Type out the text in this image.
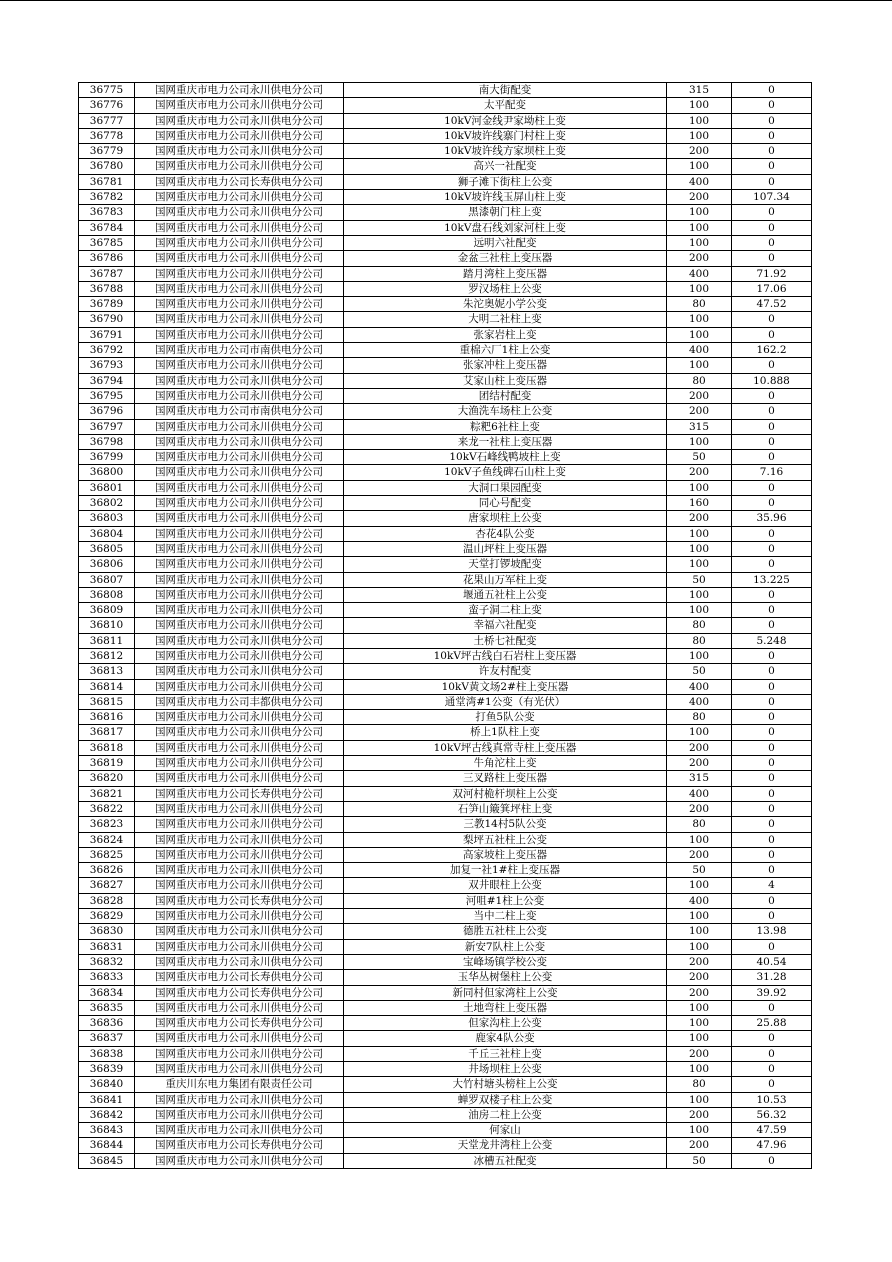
36775	国网重庆市电力公司永川供电分公司	南大街配变	315	0
36776	国网重庆市电力公司永川供电分公司	太平配变	100	0
36777	国网重庆市电力公司永川供电分公司	10kV河金线尹家坳柱上变	100	0
36778	国网重庆市电力公司永川供电分公司	10kV坡许线寨门村柱上变	100	0
36779	国网重庆市电力公司永川供电分公司	10kV坡许线方家坝柱上变	200	0
36780	国网重庆市电力公司永川供电分公司	高兴一社配变	100	0
36781	国网重庆市电力公司长寿供电分公司	狮子滩下街柱上公变	400	0
36782	国网重庆市电力公司永川供电分公司	10kV坡许线玉屏山柱上变	200	107.34
36783	国网重庆市电力公司永川供电分公司	黑漆朝门柱上变	100	0
36784	国网重庆市电力公司永川供电分公司	10kV盘石线刘家河柱上变	100	0
36785	国网重庆市电力公司永川供电分公司	远明六社配变	100	0
36786	国网重庆市电力公司永川供电分公司	金盆三社柱上变压器	200	0
36787	国网重庆市电力公司永川供电分公司	踏月湾柱上变压器	400	71.92
36788	国网重庆市电力公司永川供电分公司	罗汉场柱上公变	100	17.06
36789	国网重庆市电力公司永川供电分公司	朱沱奥妮小学公变	80	47.52
36790	国网重庆市电力公司永川供电分公司	大明二社柱上变	100	0
36791	国网重庆市电力公司永川供电分公司	张家岩柱上变	100	0
36792	国网重庆市电力公司市南供电分公司	重棉六厂1柱上公变	400	162.2
36793	国网重庆市电力公司永川供电分公司	张家冲柱上变压器	100	0
36794	国网重庆市电力公司永川供电分公司	艾家山柱上变压器	80	10.888
36795	国网重庆市电力公司永川供电分公司	团结村配变	200	0
36796	国网重庆市电力公司市南供电分公司	大渔洗车场柱上公变	200	0
36797	国网重庆市电力公司永川供电分公司	粽粑6社柱上变	315	0
36798	国网重庆市电力公司永川供电分公司	来龙一社柱上变压器	100	0
36799	国网重庆市电力公司永川供电分公司	10kV石峰线鸭坡柱上变	50	0
36800	国网重庆市电力公司永川供电分公司	10kV子鱼线碑石山柱上变	200	7.16
36801	国网重庆市电力公司永川供电分公司	大洞口果园配变	100	0
36802	国网重庆市电力公司永川供电分公司	同心号配变	160	0
36803	国网重庆市电力公司永川供电分公司	唐家坝柱上公变	200	35.96
36804	国网重庆市电力公司永川供电分公司	杏花4队公变	100	0
36805	国网重庆市电力公司永川供电分公司	温山坪柱上变压器	100	0
36806	国网重庆市电力公司永川供电分公司	天堂打锣坡配变	100	0
36807	国网重庆市电力公司永川供电分公司	花果山万军柱上变	50	13.225
36808	国网重庆市电力公司永川供电分公司	堰通五社柱上公变	100	0
36809	国网重庆市电力公司永川供电分公司	蛮子洞二柱上变	100	0
36810	国网重庆市电力公司永川供电分公司	幸福六社配变	80	0
36811	国网重庆市电力公司永川供电分公司	土桥七社配变	80	5.248
36812	国网重庆市电力公司永川供电分公司	10kV坪古线白石岩柱上变压器	100	0
36813	国网重庆市电力公司永川供电分公司	许友村配变	50	0
36814	国网重庆市电力公司永川供电分公司	10kV黄文场2#柱上变压器	400	0
36815	国网重庆市电力公司丰都供电分公司	通堂湾#1公变（有光伏）	400	0
36816	国网重庆市电力公司永川供电分公司	打鱼5队公变	80	0
36817	国网重庆市电力公司永川供电分公司	桥上1队柱上变	100	0
36818	国网重庆市电力公司永川供电分公司	10kV坪古线真常寺柱上变压器	200	0
36819	国网重庆市电力公司永川供电分公司	牛角沱柱上变	200	0
36820	国网重庆市电力公司永川供电分公司	三叉路柱上变压器	315	0
36821	国网重庆市电力公司长寿供电分公司	双河村桅杆坝柱上公变	400	0
36822	国网重庆市电力公司永川供电分公司	石笋山簸箕坪柱上变	200	0
36823	国网重庆市电力公司永川供电分公司	三教14村5队公变	80	0
36824	国网重庆市电力公司永川供电分公司	梨坪五社柱上公变	100	0
36825	国网重庆市电力公司永川供电分公司	高家坡柱上变压器	200	0
36826	国网重庆市电力公司永川供电分公司	加复一社1#柱上变压器	50	0
36827	国网重庆市电力公司永川供电分公司	双井眼柱上公变	100	4
36828	国网重庆市电力公司长寿供电分公司	河咀#1柱上公变	400	0
36829	国网重庆市电力公司永川供电分公司	当中二柱上变	100	0
36830	国网重庆市电力公司永川供电分公司	德胜五社柱上公变	100	13.98
36831	国网重庆市电力公司永川供电分公司	新安7队柱上公变	100	0
36832	国网重庆市电力公司永川供电分公司	宝峰场镇学校公变	200	40.54
36833	国网重庆市电力公司长寿供电分公司	玉华丛树堡柱上公变	200	31.28
36834	国网重庆市电力公司长寿供电分公司	新同村但家湾柱上公变	200	39.92
36835	国网重庆市电力公司永川供电分公司	土地弯柱上变压器	100	0
36836	国网重庆市电力公司长寿供电分公司	但家沟柱上公变	100	25.88
36837	国网重庆市电力公司永川供电分公司	鹿家4队公变	100	0
36838	国网重庆市电力公司永川供电分公司	千丘三社柱上变	200	0
36839	国网重庆市电力公司永川供电分公司	井场坝柱上公变	100	0
36840	重庆川东电力集团有限责任公司	大竹村塘头榜柱上公变	80	0
36841	国网重庆市电力公司永川供电分公司	蝉罗双楼子柱上公变	100	10.53
36842	国网重庆市电力公司永川供电分公司	油房二柱上公变	200	56.32
36843	国网重庆市电力公司永川供电分公司	何家山	100	47.59
36844	国网重庆市电力公司长寿供电分公司	天堂龙井湾柱上公变	200	47.96
36845	国网重庆市电力公司永川供电分公司	冰槽五社配变	50	0
